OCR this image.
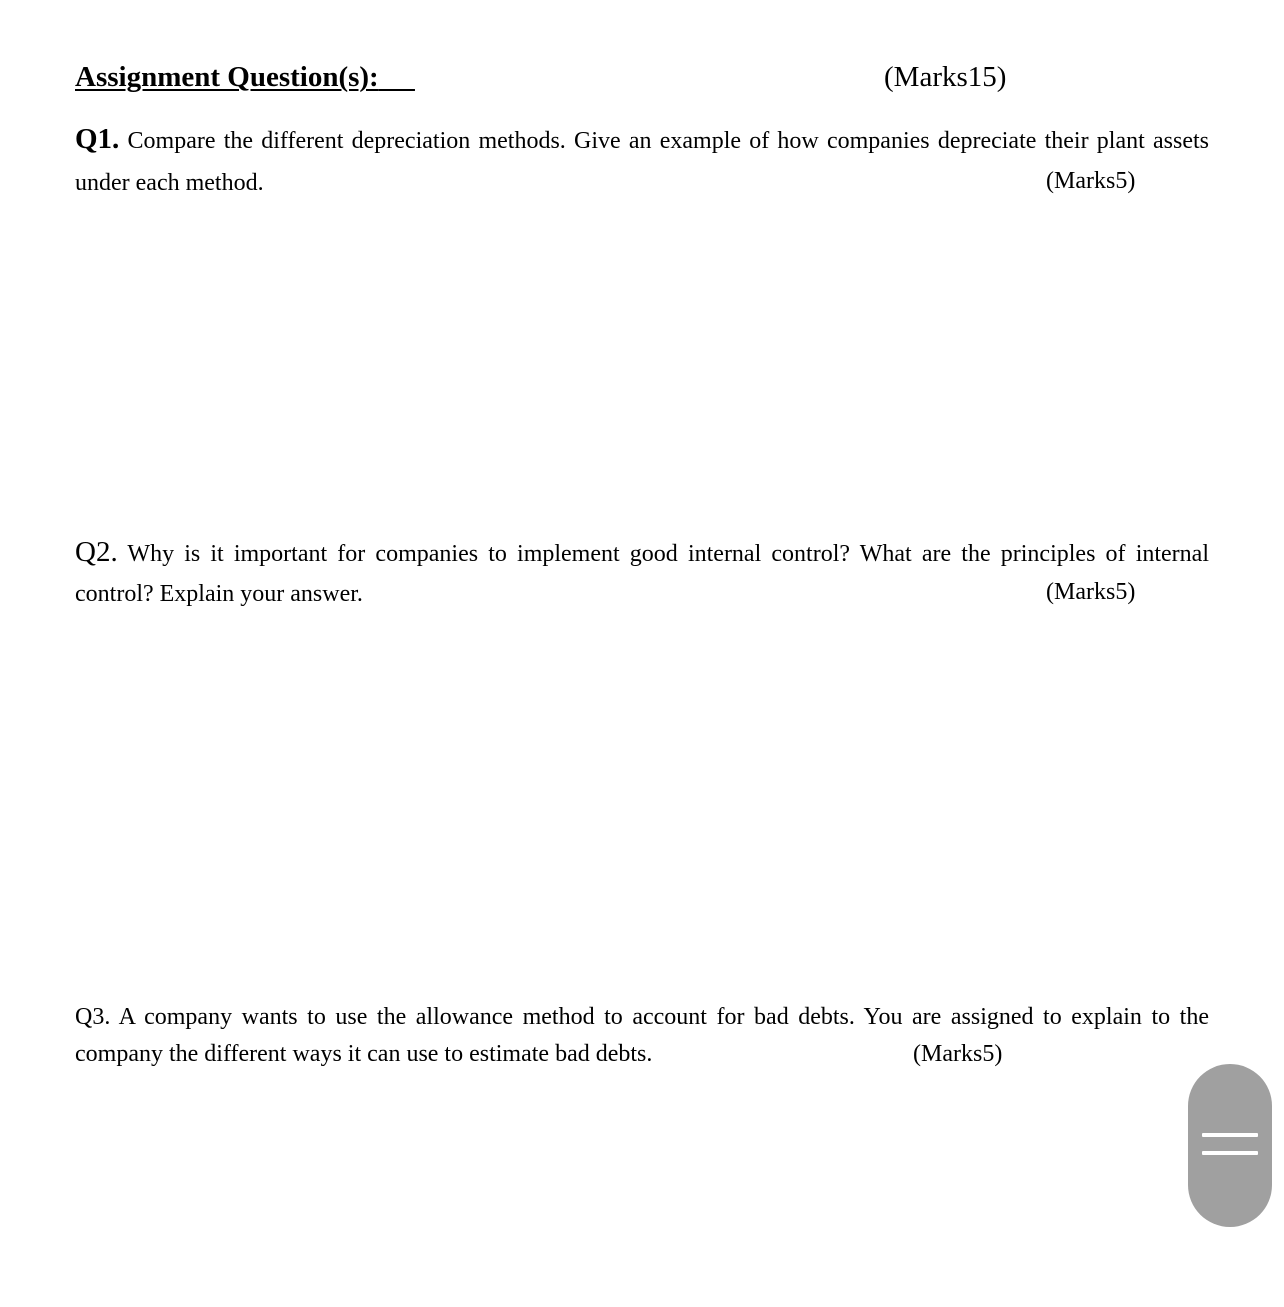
Assignment Question(s):	(Marks15)
Q1. Compare the different depreciation methods. Give an example of how companies depreciate their plant assets under each method.	(Marks5)
Q2. Why is it important for companies to implement good internal control? What are the principles of internal control? Explain your answer.	(Marks5)
Q3. A company wants to use the allowance method to account for bad debts. You are assigned to explain to the company the different ways it can use to estimate bad debts.	(Marks5)
